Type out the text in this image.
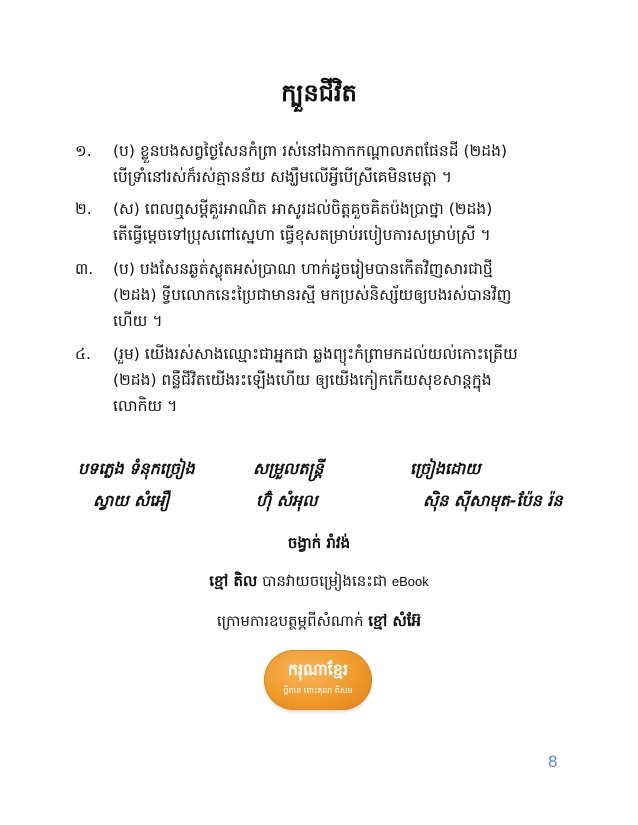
ក្បួនជីវិត
១.	(ប) ខ្លួនបងសព្វថ្ងៃសែនកំព្រា រស់នៅឯកាកកណ្ដាលភពផែនដី (២ដង)
បើទ្រាំនៅរស់ក៏រស់គ្មានន័យ សង្ឃឹមលើអ្វីបើស្រីគេមិនមេត្តា ។
២.	(ស) ពេលឮសម្ដីគួរអាណិត អាសូរដល់ចិត្តគួចគិតប៉ងប្រាថ្នា (២ដង)
តើធ្វើម្ដេចទៅប្រុសពៅស្នេហា ធ្វើខុសតម្រាប់របៀបការសម្រាប់ស្រី ។
៣.	(ប) បងសែនឆ្ងត់ស្លុតអស់ប្រាណ ហាក់ដូចរៀមបានកើតវិញសារជាថ្មី
(២ដង) ទ្វីបលោកនេះប្រៃជាមានរស្មី មកប្រស់និស្ស័យឲ្យបងរស់បានវិញ
ហើយ ។
៤.	(រួម) យើងរស់សាងឈ្មោះជាអ្នកជា ឆ្លងព្យុះកំព្រាមកដល់យល់កោះត្រើយ
(២ដង) ពន្លឺជីវិតយើងរះឡើងហើយ ឲ្យយើងកៀកកើយសុខសាន្តក្នុង
លោកិយ ។
បទភ្លេង ទំនុកច្រៀង	សម្រួលតន្ត្រី	ច្រៀងដោយ
ស្វាយ សំអឿ	ហ៊ុំ សំអុល	ស៊ិន ស៊ីសាមុត-ប៉ែន រ៉ន
ចង្វាក់ រាំវង់
ខ្មៅ តិល បានវាយចម្រៀងនេះជា eBook
ក្រោមការឧបត្ថម្ភពីសំណាក់ ខ្មៅ សំអ៊ែ
ករុណាខ្មែរ
ប្តីតាន ពោះគុណ ពីសម
8
